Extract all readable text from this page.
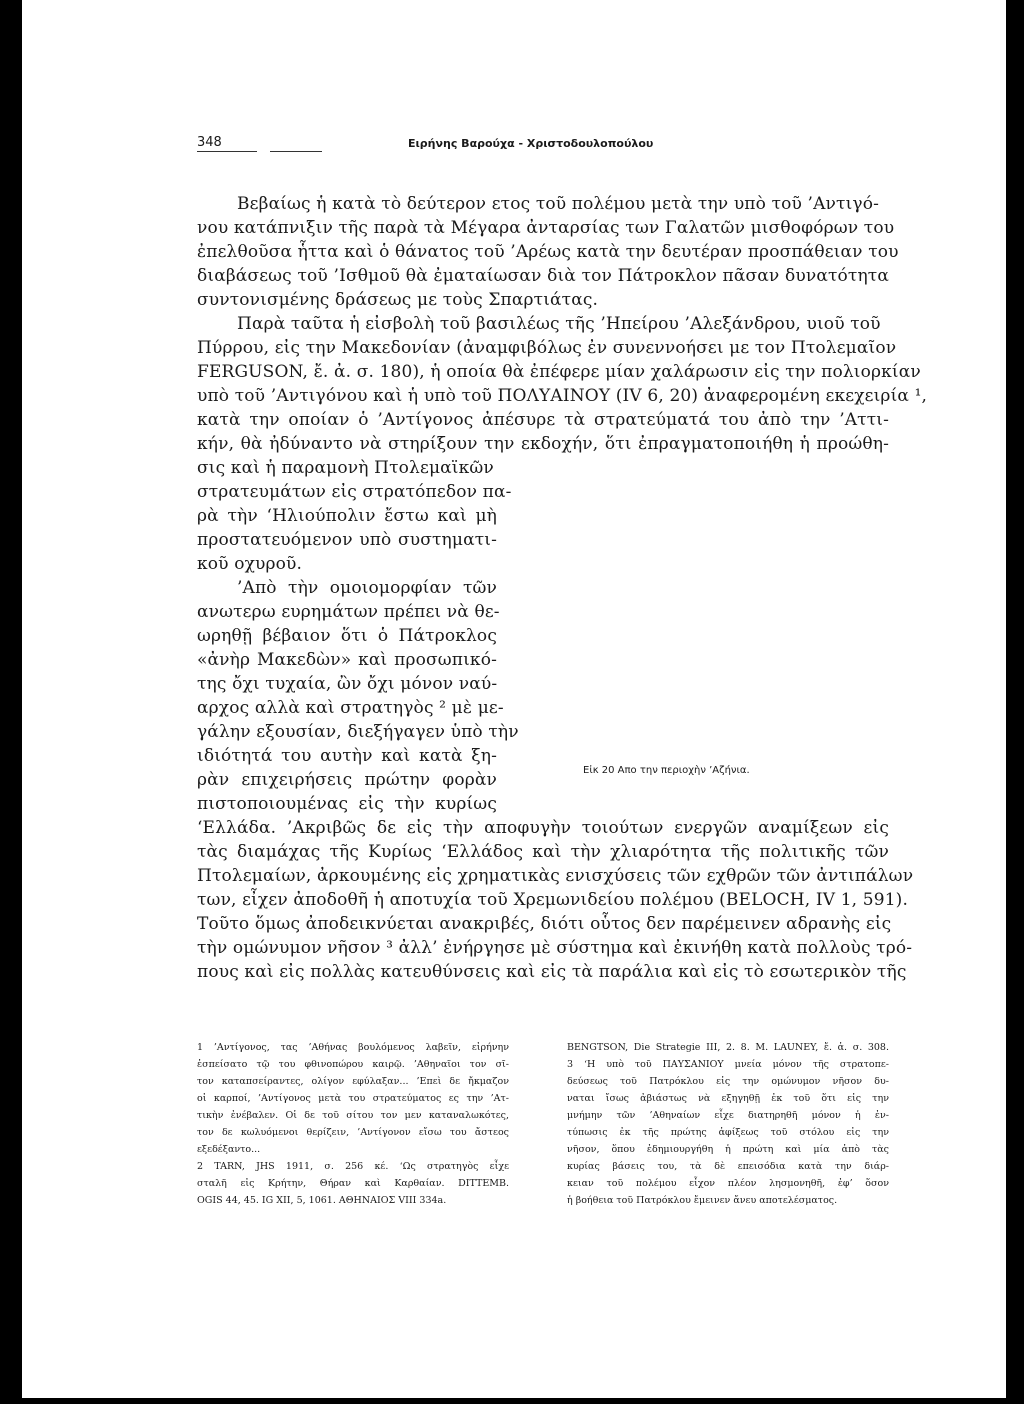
348	Ειρήνης Βαρούχα - Χριστοδουλοπούλου
Βεβαίως ἡ κατὰ τὸ δεύτερον ετος τοῦ πολέμου μετὰ την υπὸ τοῦ ’Αντιγό-
νου κατάπνιξιν τῆς παρὰ τὰ Μέγαρα ἀνταρσίας των Γαλατῶν μισθοφόρων του
ἐπελθοῦσα ἧττα καὶ ὁ θάνατος τοῦ ’Αρέως κατὰ την δευτέραν προσπάθειαν του
διαβάσεως τοῦ ’Ισθμοῦ θὰ ἐματαίωσαν διὰ τον Πάτροκλον πᾶσαν δυνατότητα
συντονισμένης δράσεως με τοὺς Σπαρτιάτας.
Παρὰ ταῦτα ἡ εἰσβολὴ τοῦ βασιλέως τῆς ’Ηπείρου ’Αλεξάνδρου, υιοῦ τοῦ
Πύρρου, εἰς την Μακεδονίαν (ἀναμφιβόλως ἐν συνεννοήσει με τον Πτολεμαῖον
FERGUSON, ἔ. ἀ. σ. 180), ἡ οποία θὰ ἐπέφερε μίαν χαλάρωσιν εἰς την πολιορκίαν
υπὸ τοῦ ’Αντιγόνου καὶ ἡ υπὸ τοῦ ΠΟΛΥΑΙΝΟΥ (IV 6, 20) ἀναφερομένη εκεχειρία ¹,
κατὰ την οποίαν ὁ ’Αντίγονος ἀπέσυρε τὰ στρατεύματά του ἀπὸ την ’Αττι-
κήν, θὰ ἠδύναντο νὰ στηρίξουν την εκδοχήν, ὅτι ἐπραγματοποιήθη ἡ προώθη-
σις καὶ ἡ παραμονὴ Πτολεμαϊκῶν
στρατευμάτων εἰς στρατόπεδον πα-
ρὰ τὴν ‘Ηλιούπολιν ἔστω καὶ μὴ
προστατευόμενον υπὸ συστηματι-
κοῦ οχυροῦ.
’Απὸ τὴν ομοιομορφίαν τῶν
ανωτερω ευρημάτων πρέπει νὰ θε-
ωρηθῇ βέβαιον ὅτι ὁ Πάτροκλος
«ἀνὴρ Μακεδὼν» καὶ προσωπικό-
της ὄχι τυχαία, ὢν ὄχι μόνον ναύ-
αρχος αλλὰ καὶ στρατηγὸς ² μὲ με-
γάλην εξουσίαν, διεξήγαγεν ὑπὸ τὴν
ιδιότητά του αυτὴν καὶ κατὰ ξη-
ρὰν επιχειρήσεις πρώτην φορὰν
πιστοποιουμένας εἰς τὴν κυρίως
Εἰκ 20 Απο την περιοχὴν ’Αζήνια.
‘Ελλάδα. ’Ακριβῶς δε εἰς τὴν αποφυγὴν τοιούτων ενεργῶν αναμίξεων εἰς
τὰς διαμάχας τῆς Κυρίως ‘Ελλάδος καὶ τὴν χλιαρότητα τῆς πολιτικῆς τῶν
Πτολεμαίων, ἀρκουμένης εἰς χρηματικὰς ενισχύσεις τῶν εχθρῶν τῶν ἀντιπάλων
των, εἶχεν ἀποδοθῆ ἡ αποτυχία τοῦ Χρεμωνιδείου πολέμου (BELOCH, IV 1, 591).
Τοῦτο ὅμως ἀποδεικνύεται ανακριβές, διότι οὗτος δεν παρέμεινεν αδρανὴς εἰς
τὴν ομώνυμον νῆσον ³ ἀλλ’ ἐνήργησε μὲ σύστημα καὶ ἐκινήθη κατὰ πολλοὺς τρό-
πους καὶ εἰς πολλὰς κατευθύνσεις καὶ εἰς τὰ παράλια καὶ εἰς τὸ εσωτερικὸν τῆς
1 ’Αντίγονος, τας ’Αθήνας βουλόμενος λαβεῖν, εἰρήνην
ἐσπείσατο τῷ του φθινοπώρου καιρῷ. ’Αθηναῖοι τον σῖ-
τον καταπσείραντες, ολίγον εφύλαξαν... ’Επεὶ δε ἤκμαζον
οἱ καρποί, ’Αντίγονος μετὰ του στρατεύματος ες την ’Ατ-
τικὴν ἐνέβαλεν. Οἱ δε τοῦ σίτου τον μεν καταναλωκότες,
τον δε κωλυόμενοι θερίζειν, ’Αντίγονον εἴσω του ἄστεος
εξεδέξαντο...
2 TARN, JHS 1911, σ. 256 κέ. ‘Ως στρατηγὸς εἶχε
σταλῆ εἰς Κρήτην, Θήραν καὶ Καρθαίαν. DITTEMB.
OGIS 44, 45. IG XII, 5, 1061. ΑΘΗΝΑΙΟΣ VIII 334a.
BENGTSON, Die Strategie III, 2. 8. M. LAUNEY, ἔ. ἀ. σ. 308.
3 ‘Η υπὸ τοῦ ΠΑΥΣΑΝΙΟΥ μνεία μόνον τῆς στρατοπε-
δεύσεως τοῦ Πατρόκλου εἰς την ομώνυμον νῆσον δυ-
ναται ἴσως ἀβιάστως νὰ εξηγηθῇ ἐκ τοῦ ὅτι εἰς την
μνήμην τῶν ’Αθηναίων εἶχε διατηρηθῆ μόνον ἡ ἐν-
τύπωσις ἐκ τῆς πρώτης ἀφίξεως τοῦ στόλου εἰς την
νῆσον, ὅπου ἐδημιουργήθη ἡ πρώτη καὶ μία ἀπὸ τὰς
κυρίας βάσεις του, τὰ δὲ επεισόδια κατὰ την διάρ-
κειαν τοῦ πολέμου εἶχον πλέον λησμονηθῆ, ἐφ’ ὅσον
ἡ βοήθεια τοῦ Πατρόκλου ἔμεινεν ἄνευ αποτελέσματος.
